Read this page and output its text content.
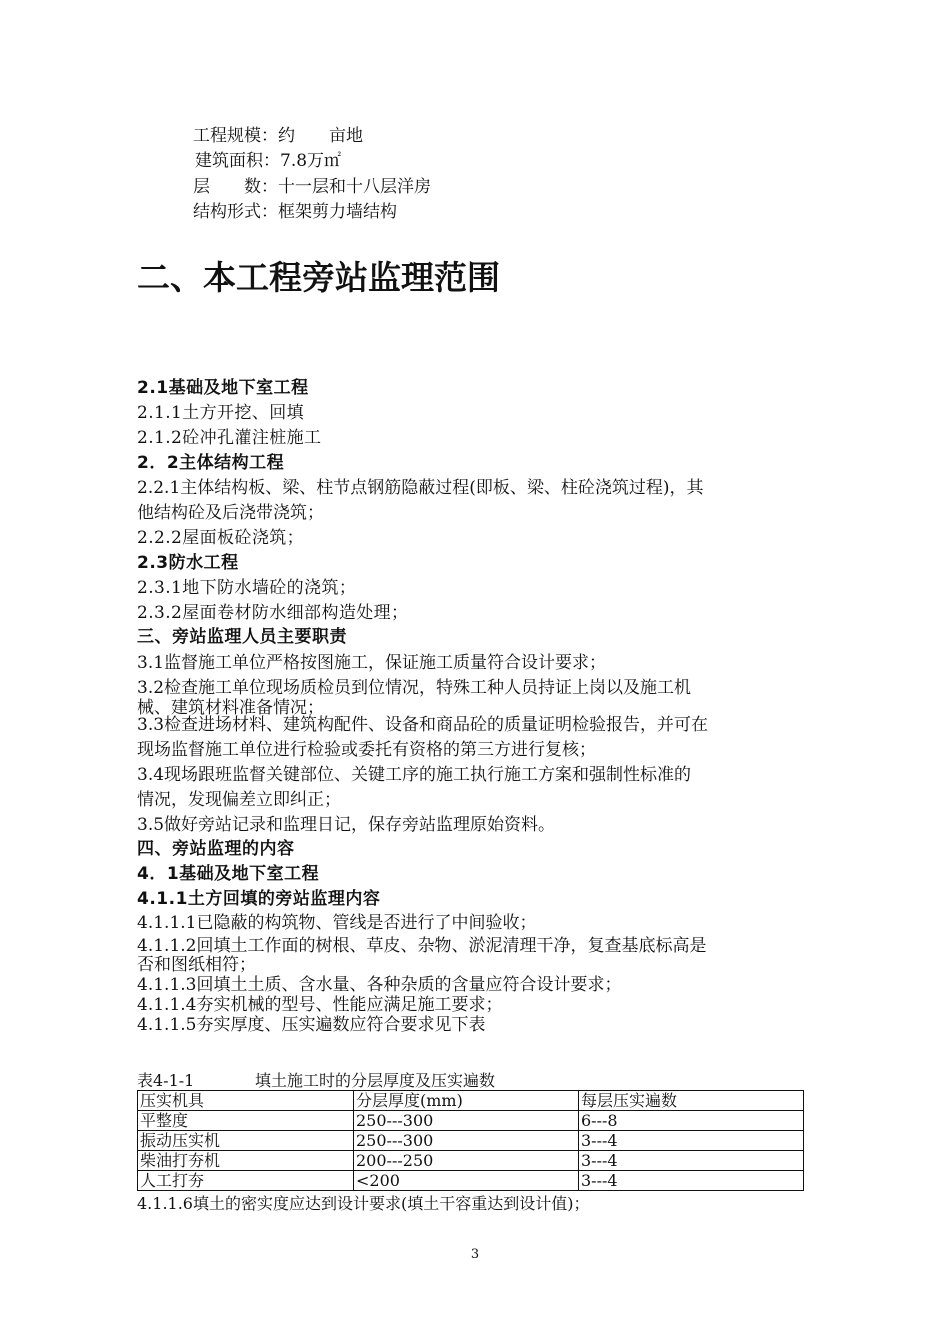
工程规模：约　　亩地
建筑面积：7.8万㎡
层　　数：十一层和十八层洋房
结构形式：框架剪力墙结构
二、本工程旁站监理范围
2.1基础及地下室工程
2.1.1土方开挖、回填
2.1.2砼冲孔灌注桩施工
2．2主体结构工程
2.2.1主体结构板、梁、柱节点钢筋隐蔽过程(即板、梁、柱砼浇筑过程)，其
他结构砼及后浇带浇筑；
2.2.2屋面板砼浇筑；
2.3防水工程
2.3.1地下防水墙砼的浇筑；
2.3.2屋面卷材防水细部构造处理；
三、旁站监理人员主要职责
3.1监督施工单位严格按图施工，保证施工质量符合设计要求；
3.2检查施工单位现场质检员到位情况，特殊工种人员持证上岗以及施工机
械、建筑材料准备情况；
3.3检查进场材料、建筑构配件、设备和商品砼的质量证明检验报告，并可在
现场监督施工单位进行检验或委托有资格的第三方进行复核；
3.4现场跟班监督关键部位、关键工序的施工执行施工方案和强制性标准的
情况，发现偏差立即纠正；
3.5做好旁站记录和监理日记，保存旁站监理原始资料。
四、旁站监理的内容
4．1基础及地下室工程
4.1.1土方回填的旁站监理内容
4.1.1.1已隐蔽的构筑物、管线是否进行了中间验收；
4.1.1.2回填土工作面的树根、草皮、杂物、淤泥清理干净，复查基底标高是
否和图纸相符；
4.1.1.3回填土土质、含水量、各种杂质的含量应符合设计要求；
4.1.1.4夯实机械的型号、性能应满足施工要求；
4.1.1.5夯实厚度、压实遍数应符合要求见下表
表4-1-1	填土施工时的分层厚度及压实遍数
压实机具	分层厚度(mm)	每层压实遍数
平整度	250---300	6---8
振动压实机	250---300	3---4
柴油打夯机	200---250	3---4
人工打夯	<200	3---4
4.1.1.6填土的密实度应达到设计要求(填土干容重达到设计值)；
3
